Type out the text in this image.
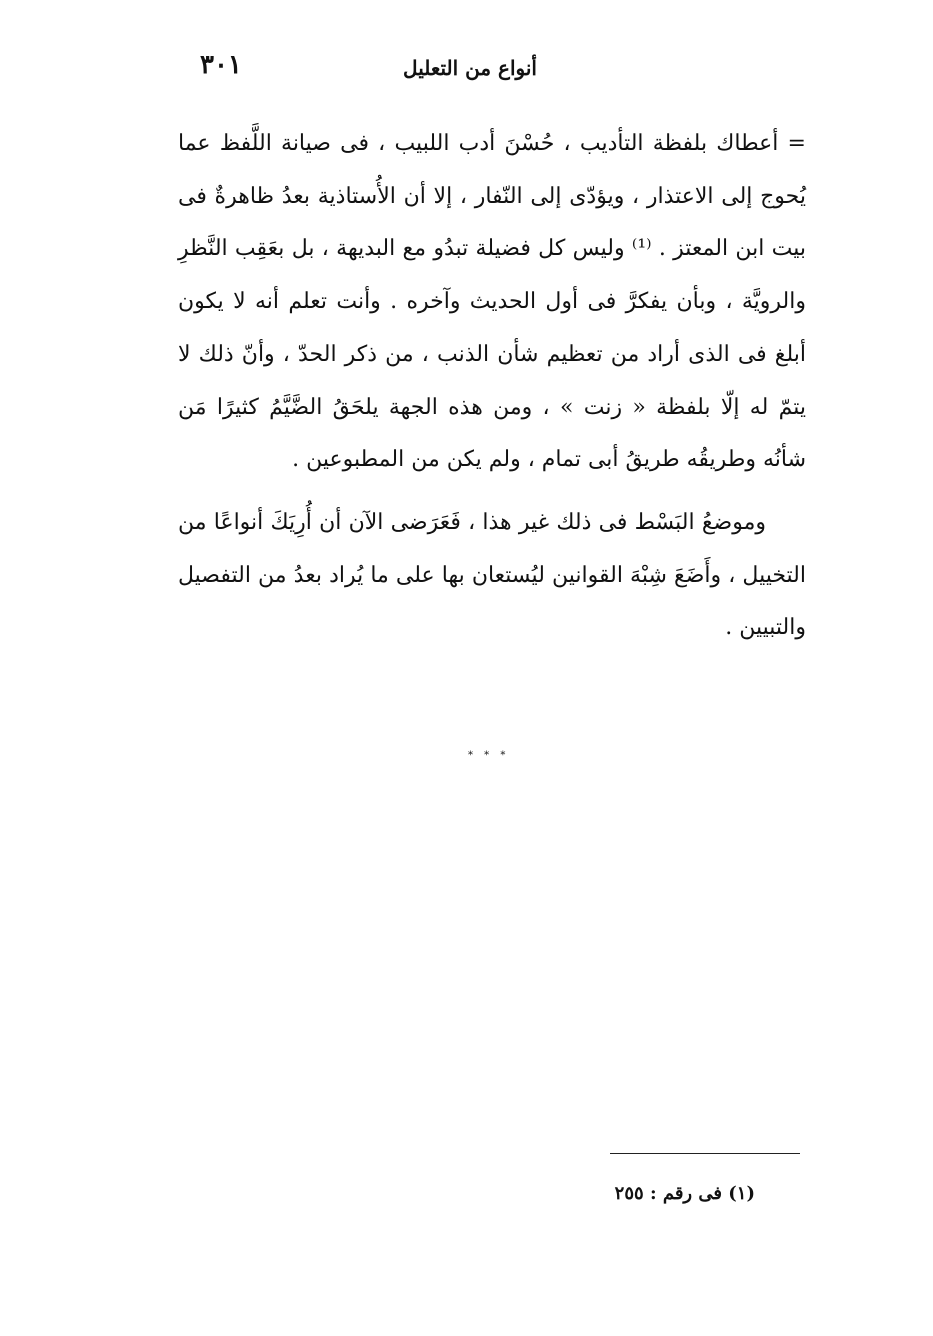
أنواع من التعليل
٣٠١

= أعطاك بلفظة التأديب ، حُسْنَ أدب اللبيب ، فى صيانة اللَّفظ عما يُحوج إلى الاعتذار ، ويؤدّى إلى النّفار ، إلا أن الأُستاذية بعدُ ظاهرةٌ فى بيت ابن المعتز . ⁽¹⁾ وليس كل فضيلة تبدُو مع البديهة ، بل بعَقِب النَّظرِ والرويَّة ، وبأن يفكرَّ فى أول الحديث وآخره . وأنت تعلم أنه لا يكون أبلغ فى الذى أراد من تعظيم شأن الذنب ، من ذكر الحدّ ، وأنّ ذلك لا يتمّ له إلّا بلفظة « زنت » ، ومن هذه الجهة يلحَقُ الضَّيَّمُ كثيرًا مَن شأنُه وطريقُه طريقُ أبى تمام ، ولم يكن من المطبوعين .

وموضعُ البَسْط فى ذلك غير هذا ، فَعَرَضى الآن أن أُرِيَكَ أنواعًا من التخييل ، وأَضَعَ شِبْهَ القوانين ليُستعان بها على ما يُراد بعدُ من التفصيل والتبيين .

* * *
(١) فى رقم : ٢٥٥
